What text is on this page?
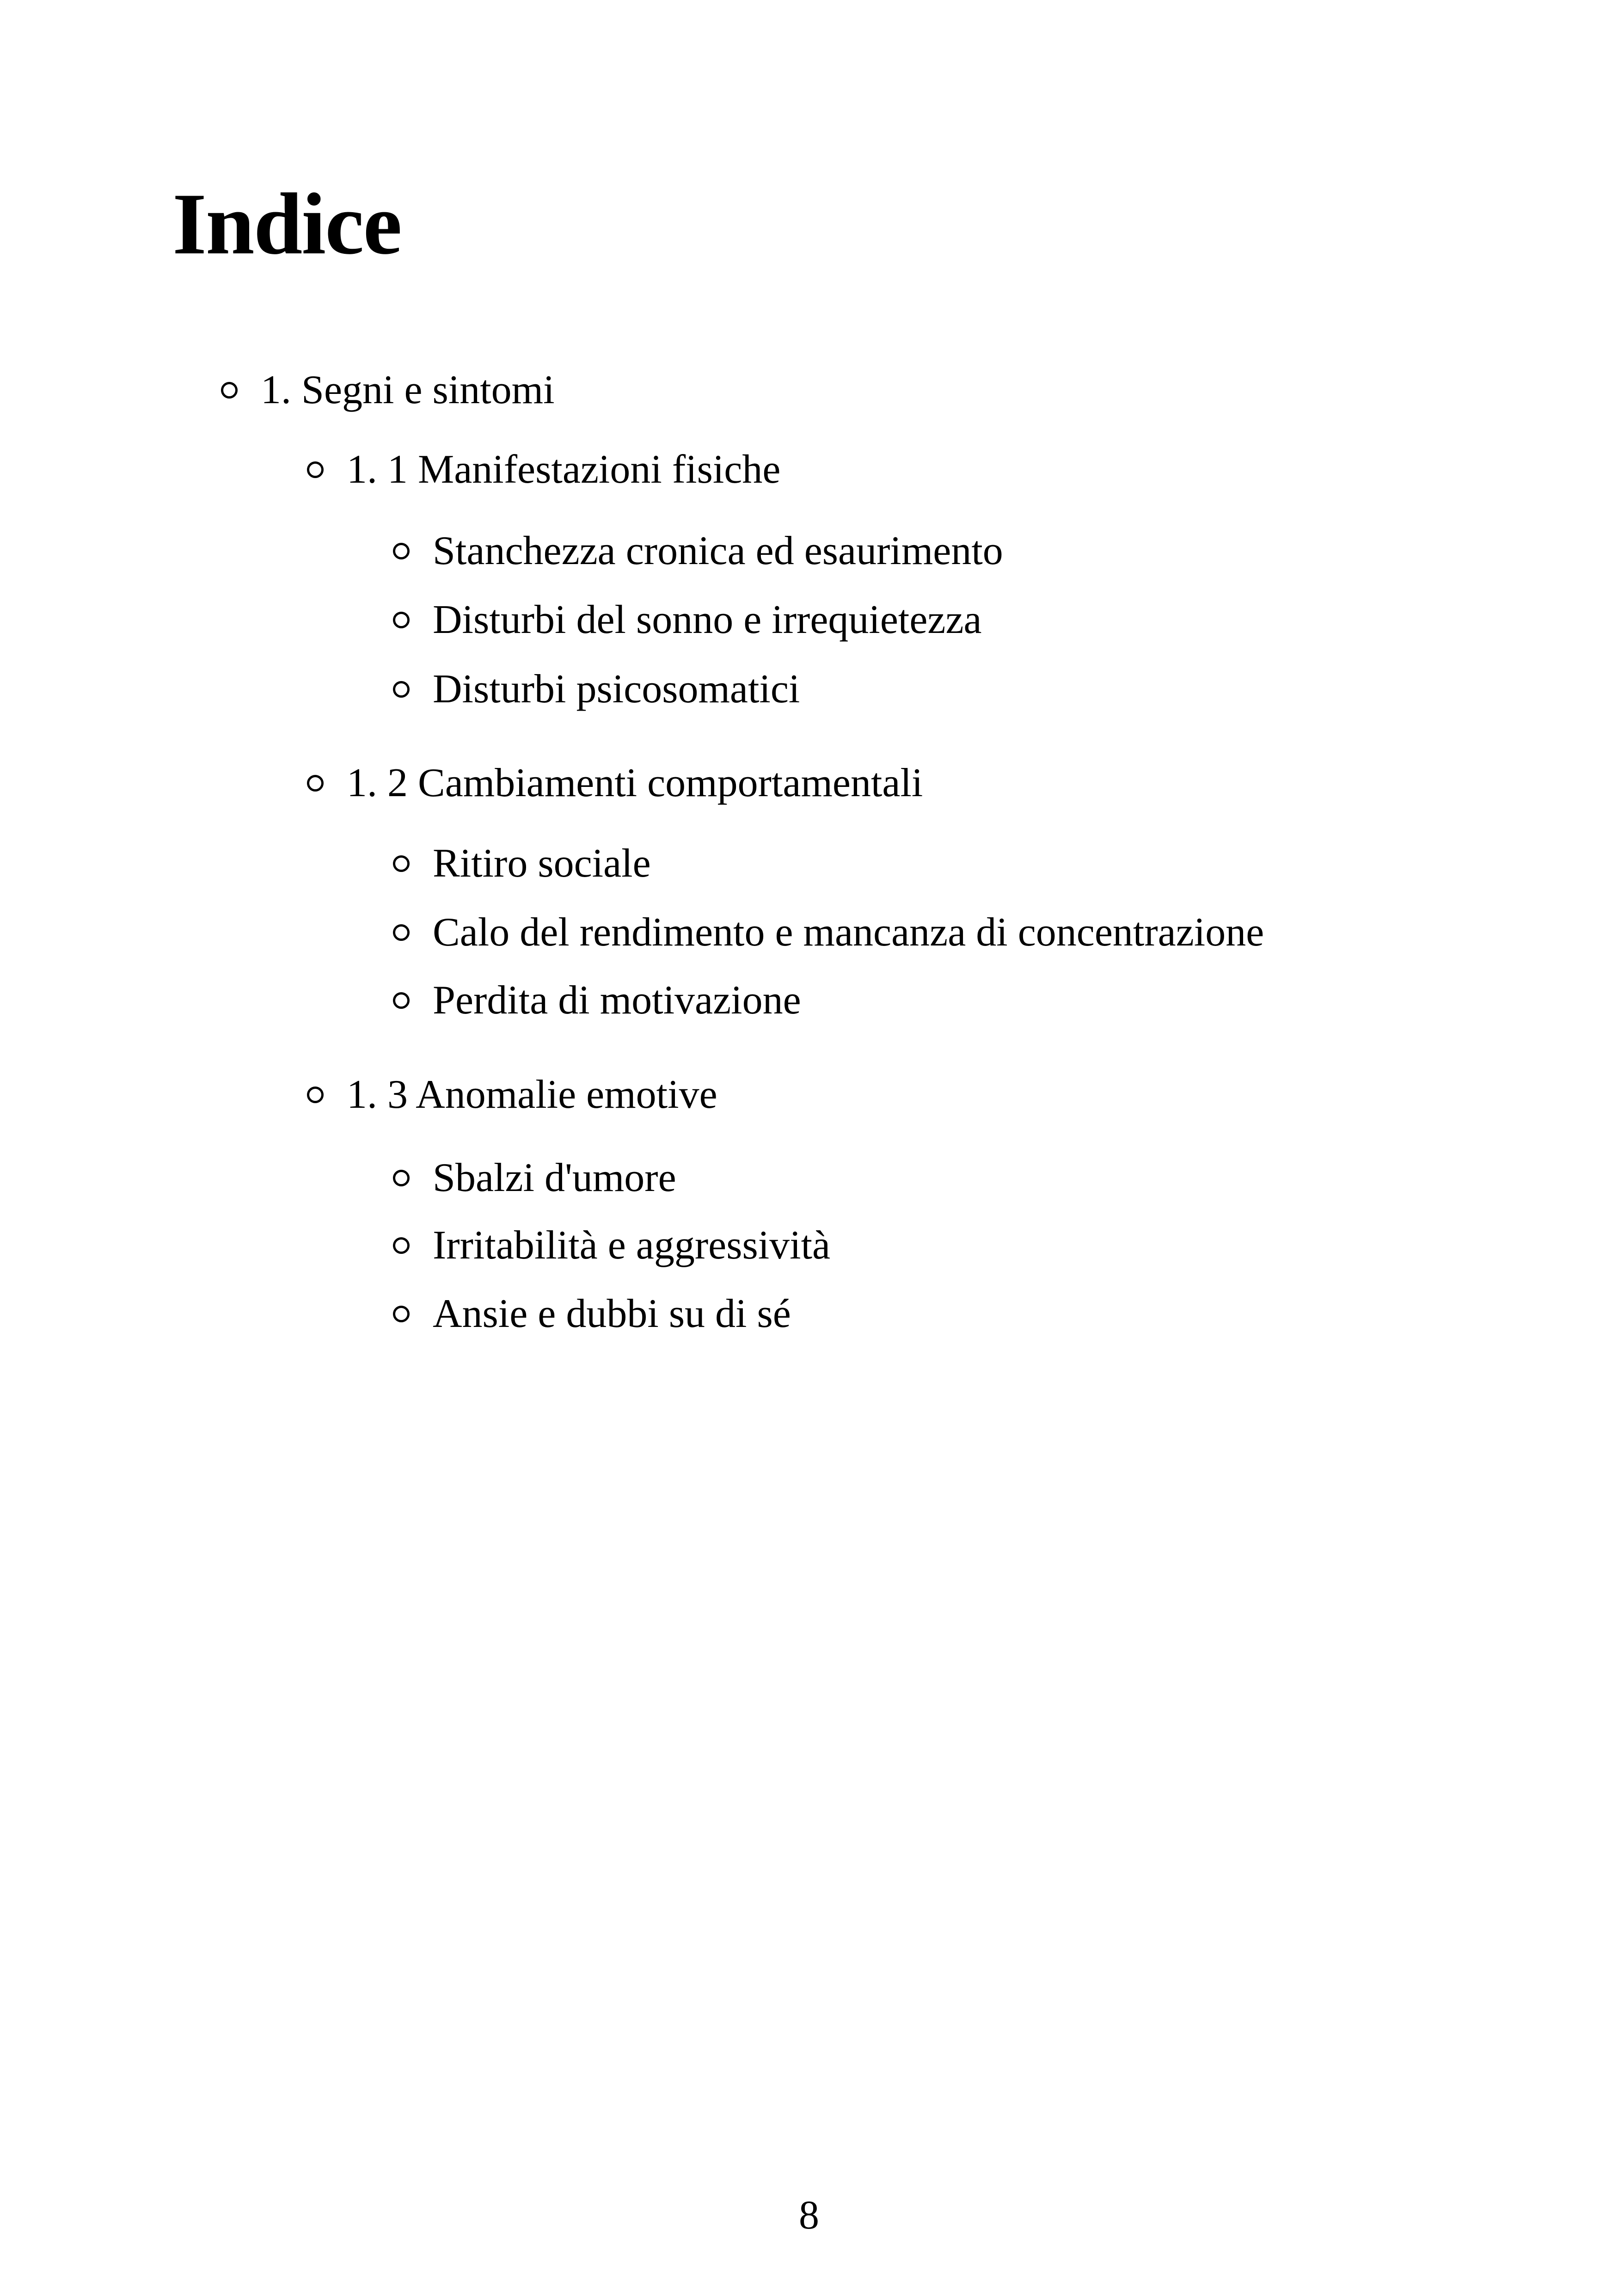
Indice
1. Segni e sintomi
1. 1 Manifestazioni fisiche
Stanchezza cronica ed esaurimento
Disturbi del sonno e irrequietezza
Disturbi psicosomatici
1. 2 Cambiamenti comportamentali
Ritiro sociale
Calo del rendimento e mancanza di concentrazione
Perdita di motivazione
1. 3 Anomalie emotive
Sbalzi d'umore
Irritabilità e aggressività
Ansie e dubbi su di sé
8
